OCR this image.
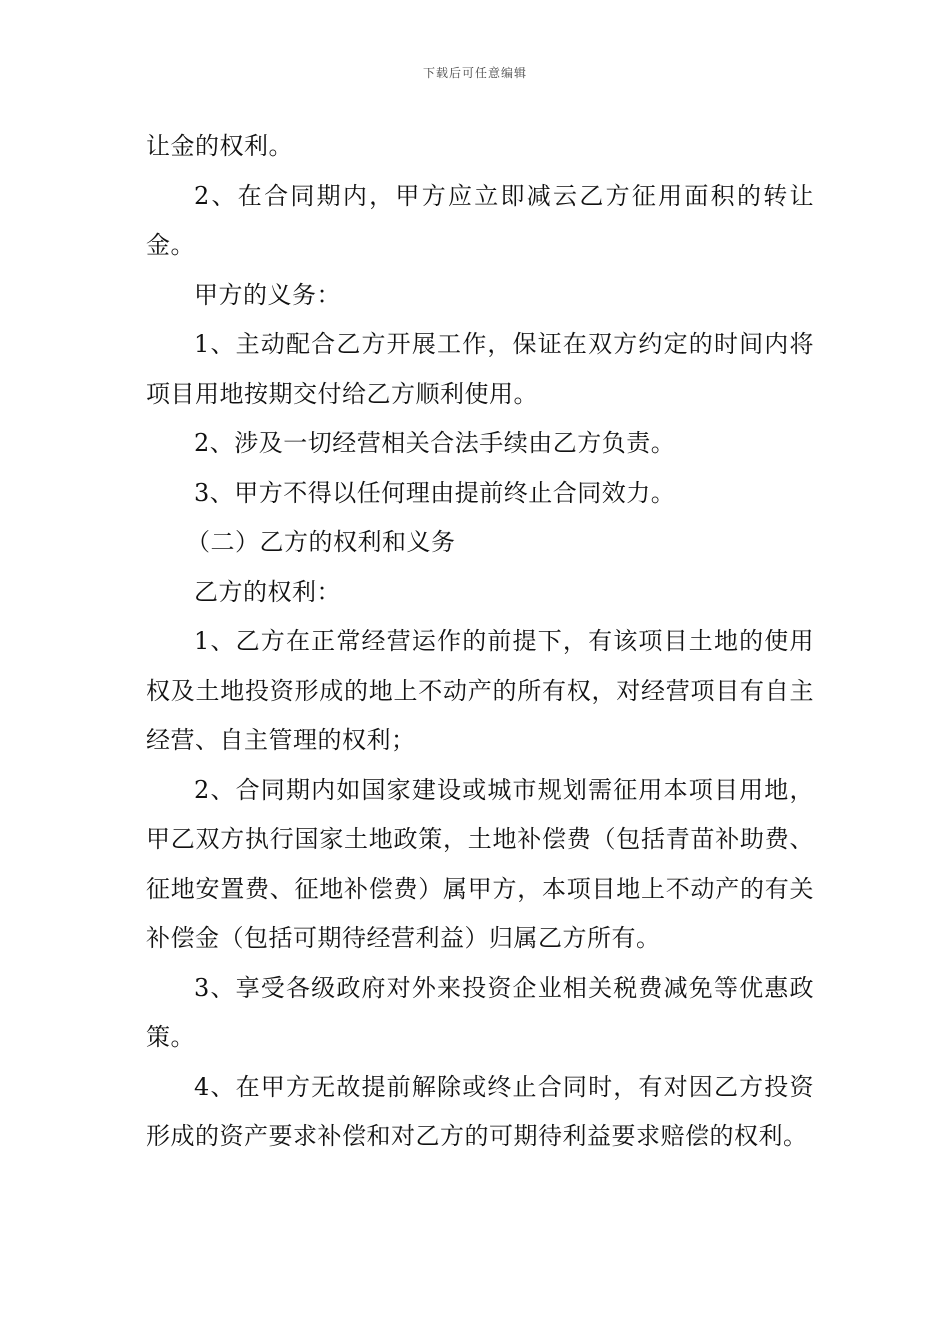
下载后可任意编辑

让金的权利。

2、在合同期内，甲方应立即减云乙方征用面积的转让金。

甲方的义务：

1、主动配合乙方开展工作，保证在双方约定的时间内将项目用地按期交付给乙方顺利使用。

2、涉及一切经营相关合法手续由乙方负责。

3、甲方不得以任何理由提前终止合同效力。

（二）乙方的权利和义务

乙方的权利：

1、乙方在正常经营运作的前提下，有该项目土地的使用权及土地投资形成的地上不动产的所有权，对经营项目有自主经营、自主管理的权利；

2、合同期内如国家建设或城市规划需征用本项目用地，甲乙双方执行国家土地政策，土地补偿费（包括青苗补助费、征地安置费、征地补偿费）属甲方，本项目地上不动产的有关补偿金（包括可期待经营利益）归属乙方所有。

3、享受各级政府对外来投资企业相关税费减免等优惠政策。

4、在甲方无故提前解除或终止合同时，有对因乙方投资形成的资产要求补偿和对乙方的可期待利益要求赔偿的权利。
